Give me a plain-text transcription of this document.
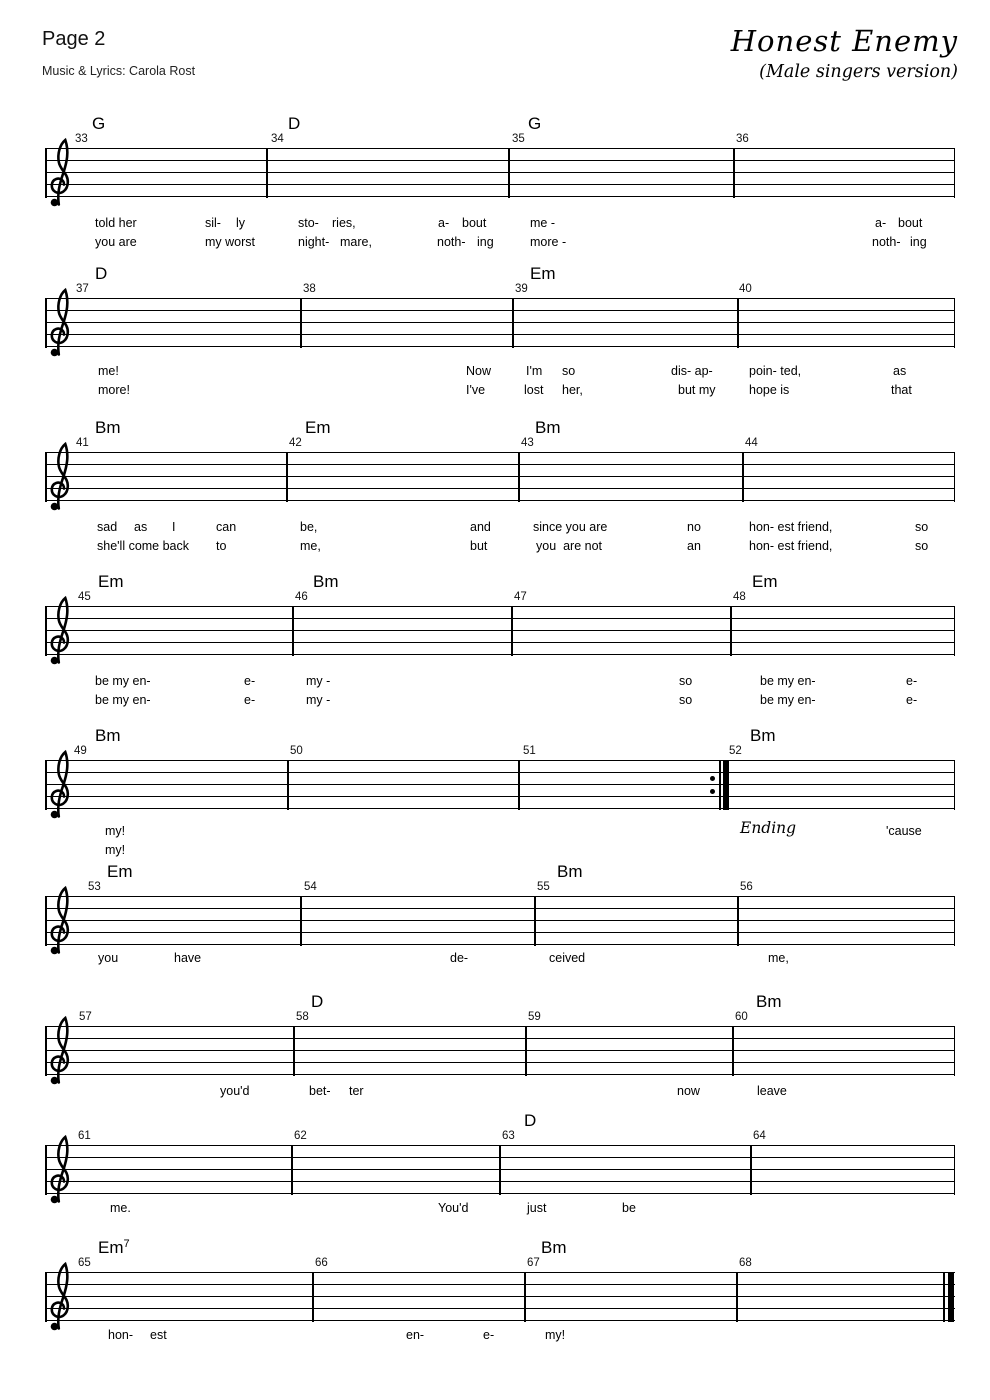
Page 2
Music & Lyrics: Carola Rost
Honest Enemy
(Male singers version)
33	34	35	36
G	D	G
told her	sil- ly	sto- ries,	a- bout	me -	a- bout
you are	my worst	night- mare,	noth- ing	more -	noth- ing
37	38	39	40
D	Em
me!	Now	I'm so	dis- ap-	poin- ted,	as
more!	I've	lost her,	but my	hope is	that
41	42	43	44
Bm	Em	Bm
sad as I	can	be,	and	since you are	no	hon- est friend,	so
she'll come back to	me,	but	you  are not	an	hon- est friend,	so
45	46	47	48
Em	Bm	Em
be my en-	e-	my -	so	be my en-	e-
be my en-	e-	my -	so	be my en-	e-
49	50	51	52
Bm	Bm
my!	'cause
my!
Ending
53	54	55	56
Em	Bm
you	have	de-	ceived	me,
57	58	59	60
D	Bm
you'd	bet- ter	now	leave
61	62	63	64
D
me.	You'd	just	be
65	66	67	68
Em$^7$	Bm
hon- est	en-	e-	my!
